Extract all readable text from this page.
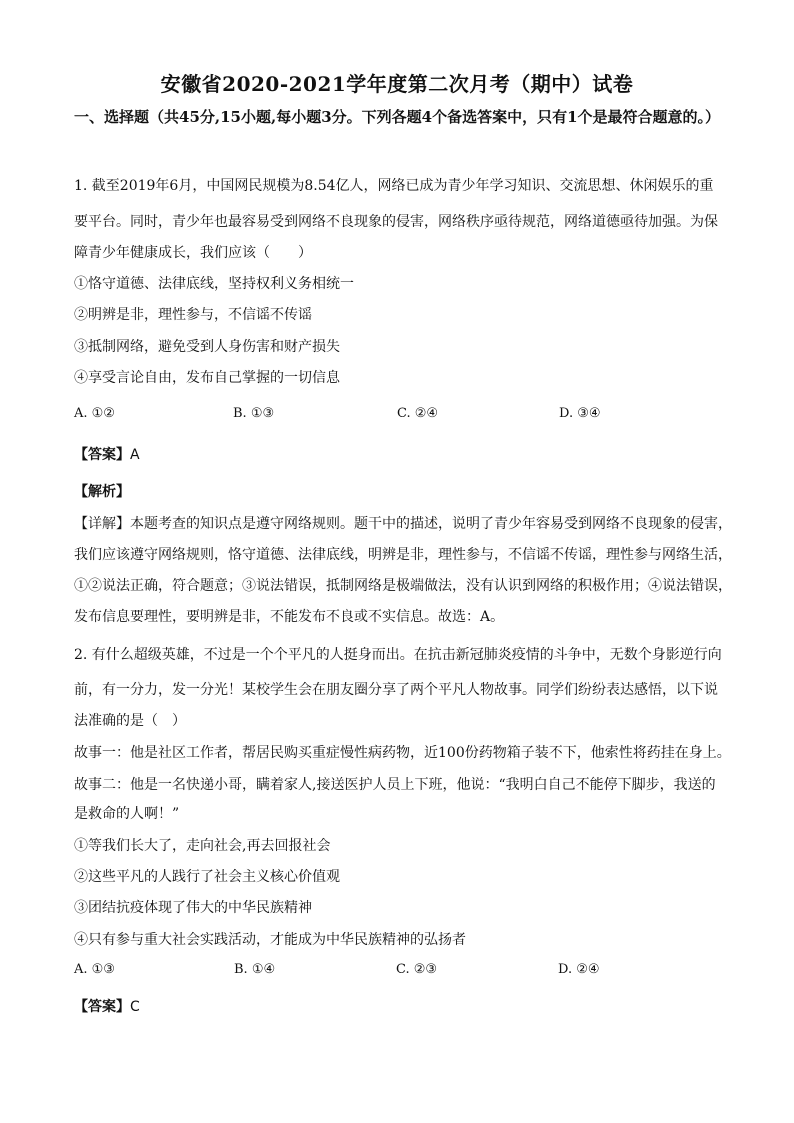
安徽省2020-2021学年度第二次月考（期中）试卷
一、选择题（共45分,15小题,每小题3分。下列各题4个备选答案中，只有1个是最符合题意的。）
1. 截至2019年6月，中国网民规模为8.54亿人，网络已成为青少年学习知识、交流思想、休闲娱乐的重
要平台。同时，青少年也最容易受到网络不良现象的侵害，网络秩序亟待规范，网络道德亟待加强。为保
障青少年健康成长，我们应该（　　）
①恪守道德、法律底线，坚持权利义务相统一
②明辨是非，理性参与，不信谣不传谣
③抵制网络，避免受到人身伤害和财产损失
④享受言论自由，发布自己掌握的一切信息
A. ①②	B. ①③	C. ②④	D. ③④
【答案】A
【解析】
【详解】本题考查的知识点是遵守网络规则。题干中的描述，说明了青少年容易受到网络不良现象的侵害，
我们应该遵守网络规则，恪守道德、法律底线，明辨是非，理性参与，不信谣不传谣，理性参与网络生活，
①②说法正确，符合题意；③说法错误，抵制网络是极端做法，没有认识到网络的积极作用；④说法错误，
发布信息要理性，要明辨是非，不能发布不良或不实信息。故选：A。
2. 有什么超级英雄，不过是一个个平凡的人挺身而出。在抗击新冠肺炎疫情的斗争中，无数个身影逆行向
前，有一分力，发一分光！某校学生会在朋友圈分享了两个平凡人物故事。同学们纷纷表达感悟，以下说
法准确的是（　）
故事一：他是社区工作者，帮居民购买重症慢性病药物，近100份药物箱子装不下，他索性将药挂在身上。
故事二：他是一名快递小哥，瞒着家人,接送医护人员上下班，他说：“我明白自己不能停下脚步，我送的
是救命的人啊！”
①等我们长大了，走向社会,再去回报社会
②这些平凡的人践行了社会主义核心价值观
③团结抗疫体现了伟大的中华民族精神
④只有参与重大社会实践活动，才能成为中华民族精神的弘扬者
A. ①③	B. ①④	C. ②③	D. ②④
【答案】C
